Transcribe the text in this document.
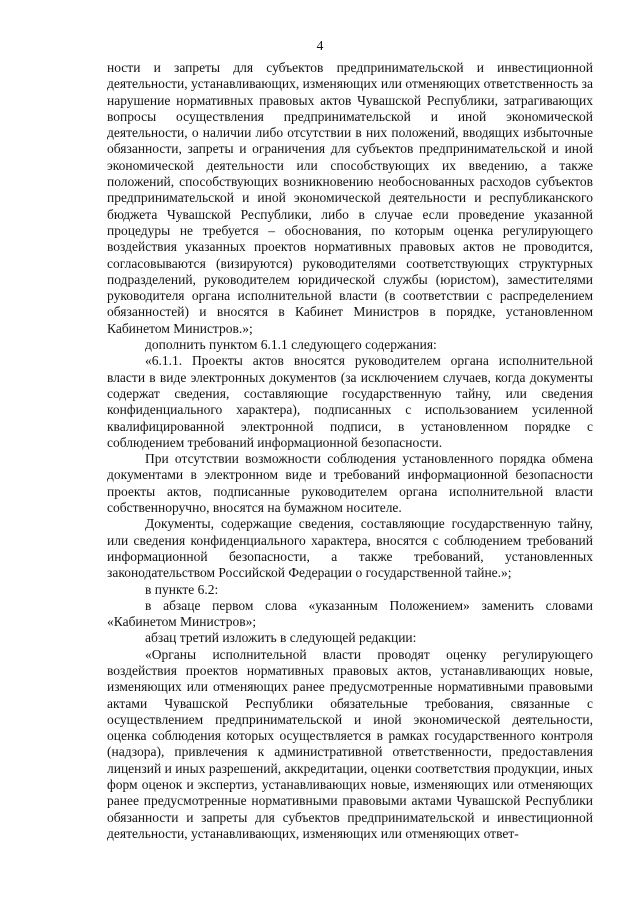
4

ности и запреты для субъектов предпринимательской и инвестиционной деятельности, устанавливающих, изменяющих или отменяющих ответственность за нарушение нормативных правовых актов Чувашской Республики, затрагивающих вопросы осуществления предпринимательской и иной экономической деятельности, о наличии либо отсутствии в них положений, вводящих избыточные обязанности, запреты и ограничения для субъектов предпринимательской и иной экономической деятельности или способствующих их введению, а также положений, способствующих возникновению необоснованных расходов субъектов предпринимательской и иной экономической деятельности и республиканского бюджета Чувашской Республики, либо в случае если проведение указанной процедуры не требуется – обоснования, по которым оценка регулирующего воздействия указанных проектов нормативных правовых актов не проводится, согласовываются (визируются) руководителями соответствующих структурных подразделений, руководителем юридической службы (юристом), заместителями руководителя органа исполнительной власти (в соответствии с распределением обязанностей) и вносятся в Кабинет Министров в порядке, установленном Кабинетом Министров.»;

дополнить пунктом 6.1.1 следующего содержания:

«6.1.1. Проекты актов вносятся руководителем органа исполнительной власти в виде электронных документов (за исключением случаев, когда документы содержат сведения, составляющие государственную тайну, или сведения конфиденциального характера), подписанных с использованием усиленной квалифицированной электронной подписи, в установленном порядке с соблюдением требований информационной безопасности.

При отсутствии возможности соблюдения установленного порядка обмена документами в электронном виде и требований информационной безопасности проекты актов, подписанные руководителем органа исполнительной власти собственноручно, вносятся на бумажном носителе.

Документы, содержащие сведения, составляющие государственную тайну, или сведения конфиденциального характера, вносятся с соблюдением требований информационной безопасности, а также требований, установленных законодательством Российской Федерации о государственной тайне.»;

в пункте 6.2:

в абзаце первом слова «указанным Положением» заменить словами «Кабинетом Министров»;

абзац третий изложить в следующей редакции:

«Органы исполнительной власти проводят оценку регулирующего воздействия проектов нормативных правовых актов, устанавливающих новые, изменяющих или отменяющих ранее предусмотренные нормативными правовыми актами Чувашской Республики обязательные требования, связанные с осуществлением предпринимательской и иной экономической деятельности, оценка соблюдения которых осуществляется в рамках государственного контроля (надзора), привлечения к административной ответственности, предоставления лицензий и иных разрешений, аккредитации, оценки соответствия продукции, иных форм оценок и экспертиз, устанавливающих новые, изменяющих или отменяющих ранее предусмотренные нормативными правовыми актами Чувашской Республики обязанности и запреты для субъектов предпринимательской и инвестиционной деятельности, устанавливающих, изменяющих или отменяющих ответ-
